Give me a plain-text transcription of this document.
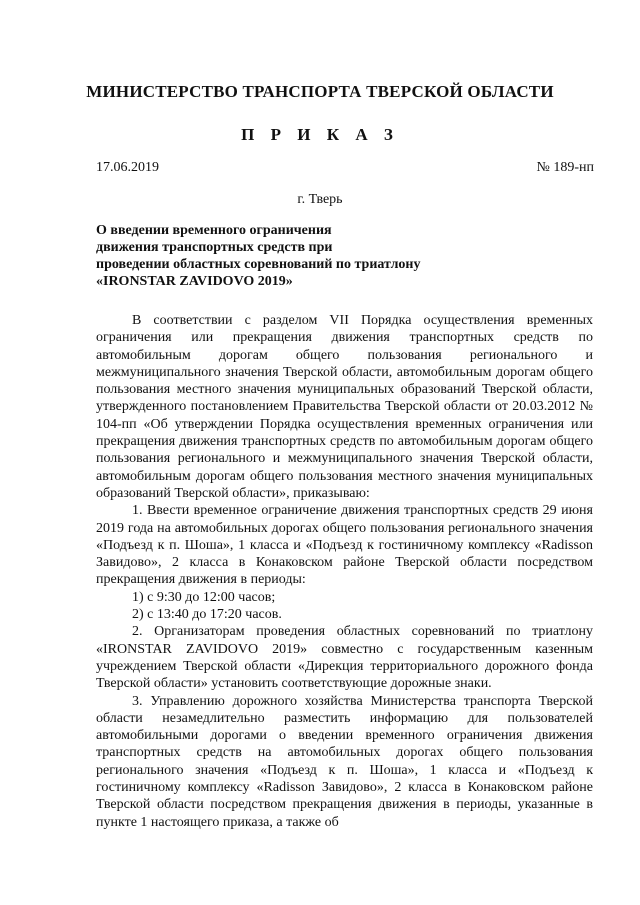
МИНИСТЕРСТВО ТРАНСПОРТА ТВЕРСКОЙ ОБЛАСТИ
П Р И К А З
17.06.2019	№ 189-нп
г. Тверь
О введении временного ограничения
движения транспортных средств при
проведении областных соревнований по триатлону
«IRONSTAR ZAVIDOVO 2019»

В соответствии с разделом VII Порядка осуществления временных ограничения или прекращения движения транспортных средств по автомобильным дорогам общего пользования регионального и межмуниципального значения Тверской области, автомобильным дорогам общего пользования местного значения муниципальных образований Тверской области, утвержденного постановлением Правительства Тверской области от 20.03.2012 № 104-пп «Об утверждении Порядка осуществления временных ограничения или прекращения движения транспортных средств по автомобильным дорогам общего пользования регионального и межмуниципального значения Тверской области, автомобильным дорогам общего пользования местного значения муниципальных образований Тверской области», приказываю:

1. Ввести временное ограничение движения транспортных средств 29 июня 2019 года на автомобильных дорогах общего пользования регионального значения «Подъезд к п. Шоша», 1 класса и «Подъезд к гостиничному комплексу «Radisson Завидово», 2 класса в Конаковском районе Тверской области посредством прекращения движения в периоды:

1) с 9:30 до 12:00 часов;

2) с 13:40 до 17:20 часов.

2. Организаторам проведения областных соревнований по триатлону «IRONSTAR ZAVIDOVO 2019» совместно с государственным казенным учреждением Тверской области «Дирекция территориального дорожного фонда Тверской области» установить соответствующие дорожные знаки.

3. Управлению дорожного хозяйства Министерства транспорта Тверской области незамедлительно разместить информацию для пользователей автомобильными дорогами о введении временного ограничения движения транспортных средств на автомобильных дорогах общего пользования регионального значения «Подъезд к п. Шоша», 1 класса и «Подъезд к гостиничному комплексу «Radisson Завидово», 2 класса в Конаковском районе Тверской области посредством прекращения движения в периоды, указанные в пункте 1 настоящего приказа, а также об
